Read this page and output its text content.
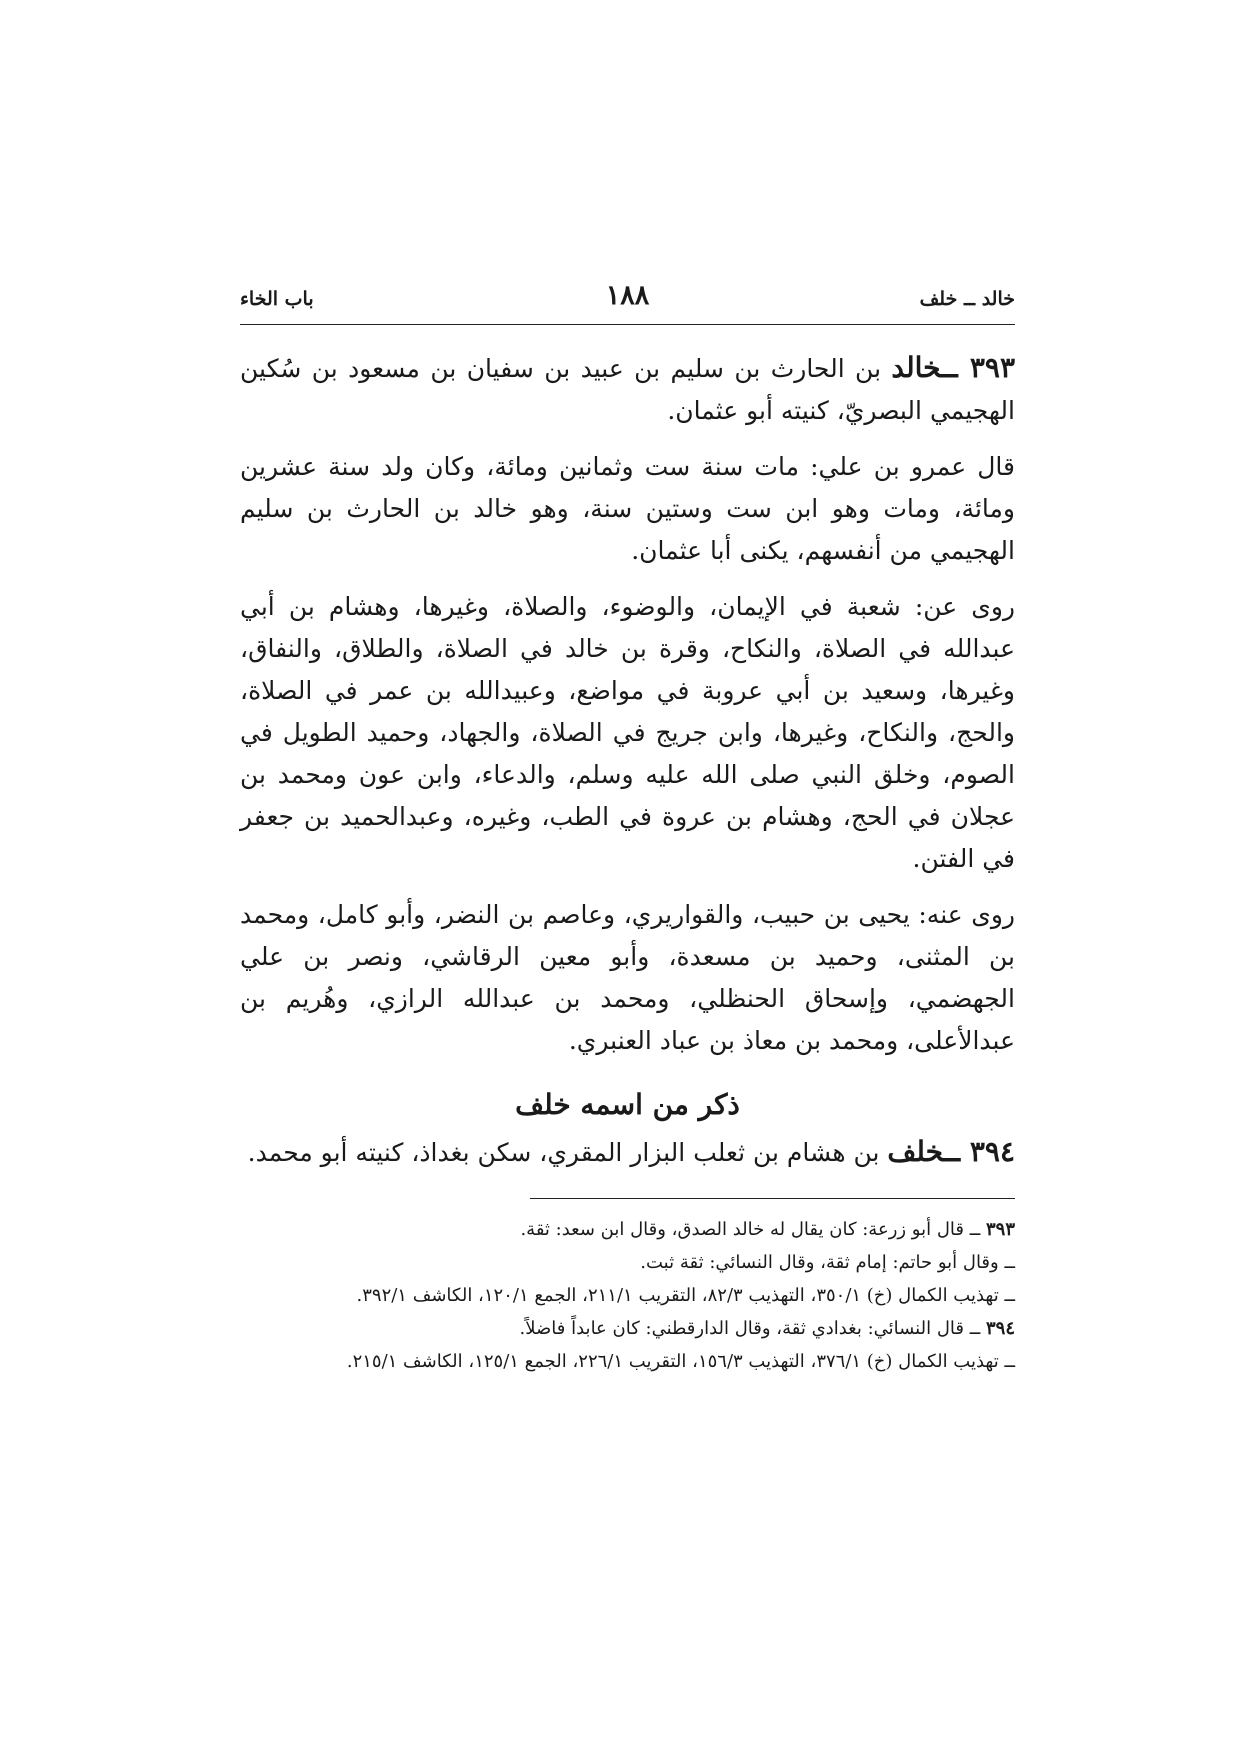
خالد ــ خلف
١٨٨
باب الخاء

٣٩٣ ــخالد بن الحارث بن سليم بن عبيد بن سفيان بن مسعود بن سُكين الهجيمي البصريّ، كنيته أبو عثمان.

قال عمرو بن علي: مات سنة ست وثمانين ومائة، وكان ولد سنة عشرين ومائة، ومات وهو ابن ست وستين سنة، وهو خالد بن الحارث بن سليم الهجيمي من أنفسهم، يكنى أبا عثمان.

روى عن: شعبة في الإيمان، والوضوء، والصلاة، وغيرها، وهشام بن أبي عبدالله في الصلاة، والنكاح، وقرة بن خالد في الصلاة، والطلاق، والنفاق، وغيرها، وسعيد بن أبي عروبة في مواضع، وعبيدالله بن عمر في الصلاة، والحج، والنكاح، وغيرها، وابن جريج في الصلاة، والجهاد، وحميد الطويل في الصوم، وخلق النبي صلى الله عليه وسلم، والدعاء، وابن عون ومحمد بن عجلان في الحج، وهشام بن عروة في الطب، وغيره، وعبدالحميد بن جعفر في الفتن.

روى عنه: يحيى بن حبيب، والقواريري، وعاصم بن النضر، وأبو كامل، ومحمد بن المثنى، وحميد بن مسعدة، وأبو معين الرقاشي، ونصر بن علي الجهضمي، وإسحاق الحنظلي، ومحمد بن عبدالله الرازي، وهُريم بن عبدالأعلى، ومحمد بن معاذ بن عباد العنبري.

ذكر من اسمه خلف

٣٩٤ ــخلف بن هشام بن ثعلب البزار المقري، سكن بغداذ، كنيته أبو محمد.

٣٩٣ ــ قال أبو زرعة: كان يقال له خالد الصدق، وقال ابن سعد: ثقة.

ــ وقال أبو حاتم: إمام ثقة، وقال النسائي: ثقة ثبت.

ــ تهذيب الكمال (خ) ٣٥٠/١، التهذيب ٨٢/٣، التقريب ٢١١/١، الجمع ١٢٠/١، الكاشف ٣٩٢/١.

٣٩٤ ــ قال النسائي: بغدادي ثقة، وقال الدارقطني: كان عابداً فاضلاً.

ــ تهذيب الكمال (خ) ٣٧٦/١، التهذيب ١٥٦/٣، التقريب ٢٢٦/١، الجمع ١٢٥/١، الكاشف ٢١٥/١.
